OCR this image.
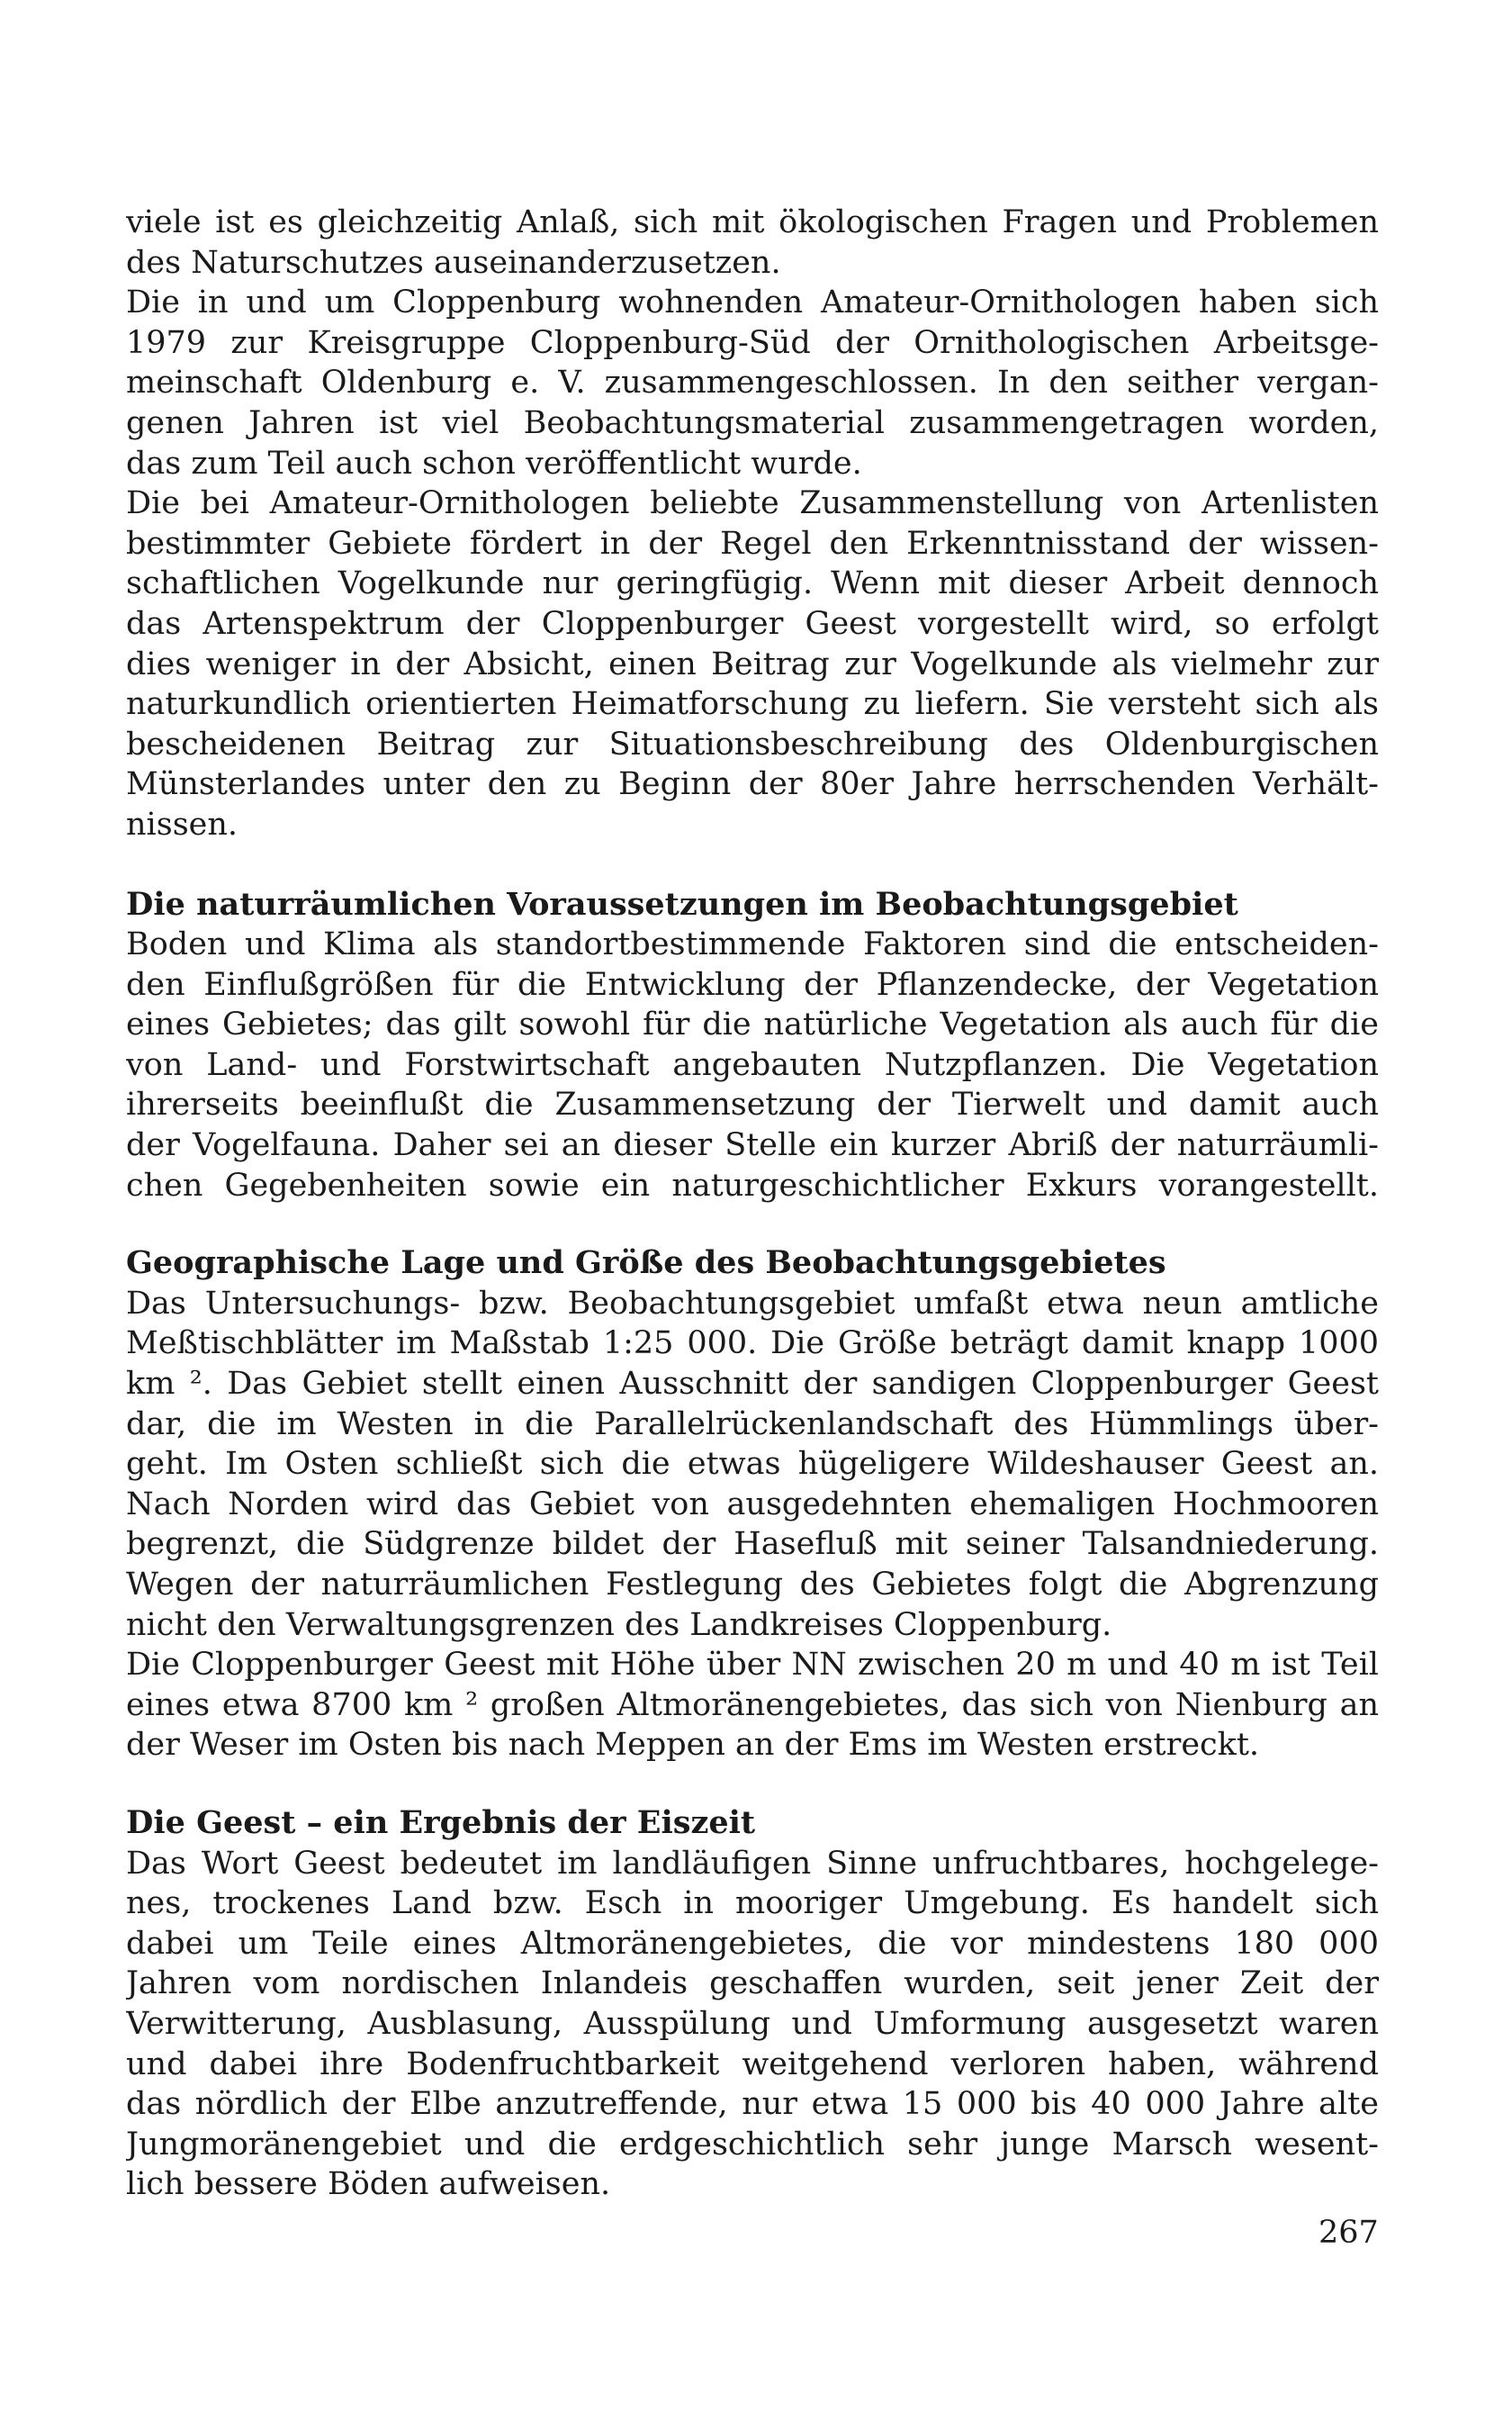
viele ist es gleichzeitig Anlaß, sich mit ökologischen Fragen und Problemen
des Naturschutzes auseinanderzusetzen.
Die in und um Cloppenburg wohnenden Amateur-Ornithologen haben sich
1979 zur Kreisgruppe Cloppenburg-Süd der Ornithologischen Arbeitsge-
meinschaft Oldenburg e. V. zusammengeschlossen. In den seither vergan-
genen Jahren ist viel Beobachtungsmaterial zusammengetragen worden,
das zum Teil auch schon veröffentlicht wurde.
Die bei Amateur-Ornithologen beliebte Zusammenstellung von Artenlisten
bestimmter Gebiete fördert in der Regel den Erkenntnisstand der wissen-
schaftlichen Vogelkunde nur geringfügig. Wenn mit dieser Arbeit dennoch
das Artenspektrum der Cloppenburger Geest vorgestellt wird, so erfolgt
dies weniger in der Absicht, einen Beitrag zur Vogelkunde als vielmehr zur
naturkundlich orientierten Heimatforschung zu liefern. Sie versteht sich als
bescheidenen Beitrag zur Situationsbeschreibung des Oldenburgischen
Münsterlandes unter den zu Beginn der 80er Jahre herrschenden Verhält-
nissen.
Die naturräumlichen Voraussetzungen im Beobachtungsgebiet
Boden und Klima als standortbestimmende Faktoren sind die entscheiden-
den Einflußgrößen für die Entwicklung der Pflanzendecke, der Vegetation
eines Gebietes; das gilt sowohl für die natürliche Vegetation als auch für die
von Land- und Forstwirtschaft angebauten Nutzpflanzen. Die Vegetation
ihrerseits beeinflußt die Zusammensetzung der Tierwelt und damit auch
der Vogelfauna. Daher sei an dieser Stelle ein kurzer Abriß der naturräumli-
chen Gegebenheiten sowie ein naturgeschichtlicher Exkurs vorangestellt.
Geographische Lage und Größe des Beobachtungsgebietes
Das Untersuchungs- bzw. Beobachtungsgebiet umfaßt etwa neun amtliche
Meßtischblätter im Maßstab 1:25 000. Die Größe beträgt damit knapp 1000
km ². Das Gebiet stellt einen Ausschnitt der sandigen Cloppenburger Geest
dar, die im Westen in die Parallelrückenlandschaft des Hümmlings über-
geht. Im Osten schließt sich die etwas hügeligere Wildeshauser Geest an.
Nach Norden wird das Gebiet von ausgedehnten ehemaligen Hochmooren
begrenzt, die Südgrenze bildet der Hasefluß mit seiner Talsandniederung.
Wegen der naturräumlichen Festlegung des Gebietes folgt die Abgrenzung
nicht den Verwaltungsgrenzen des Landkreises Cloppenburg.
Die Cloppenburger Geest mit Höhe über NN zwischen 20 m und 40 m ist Teil
eines etwa 8700 km ² großen Altmoränengebietes, das sich von Nienburg an
der Weser im Osten bis nach Meppen an der Ems im Westen erstreckt.
Die Geest – ein Ergebnis der Eiszeit
Das Wort Geest bedeutet im landläufigen Sinne unfruchtbares, hochgelege-
nes, trockenes Land bzw. Esch in mooriger Umgebung. Es handelt sich
dabei um Teile eines Altmoränengebietes, die vor mindestens 180 000
Jahren vom nordischen Inlandeis geschaffen wurden, seit jener Zeit der
Verwitterung, Ausblasung, Ausspülung und Umformung ausgesetzt waren
und dabei ihre Bodenfruchtbarkeit weitgehend verloren haben, während
das nördlich der Elbe anzutreffende, nur etwa 15 000 bis 40 000 Jahre alte
Jungmoränengebiet und die erdgeschichtlich sehr junge Marsch wesent-
lich bessere Böden aufweisen.
267
